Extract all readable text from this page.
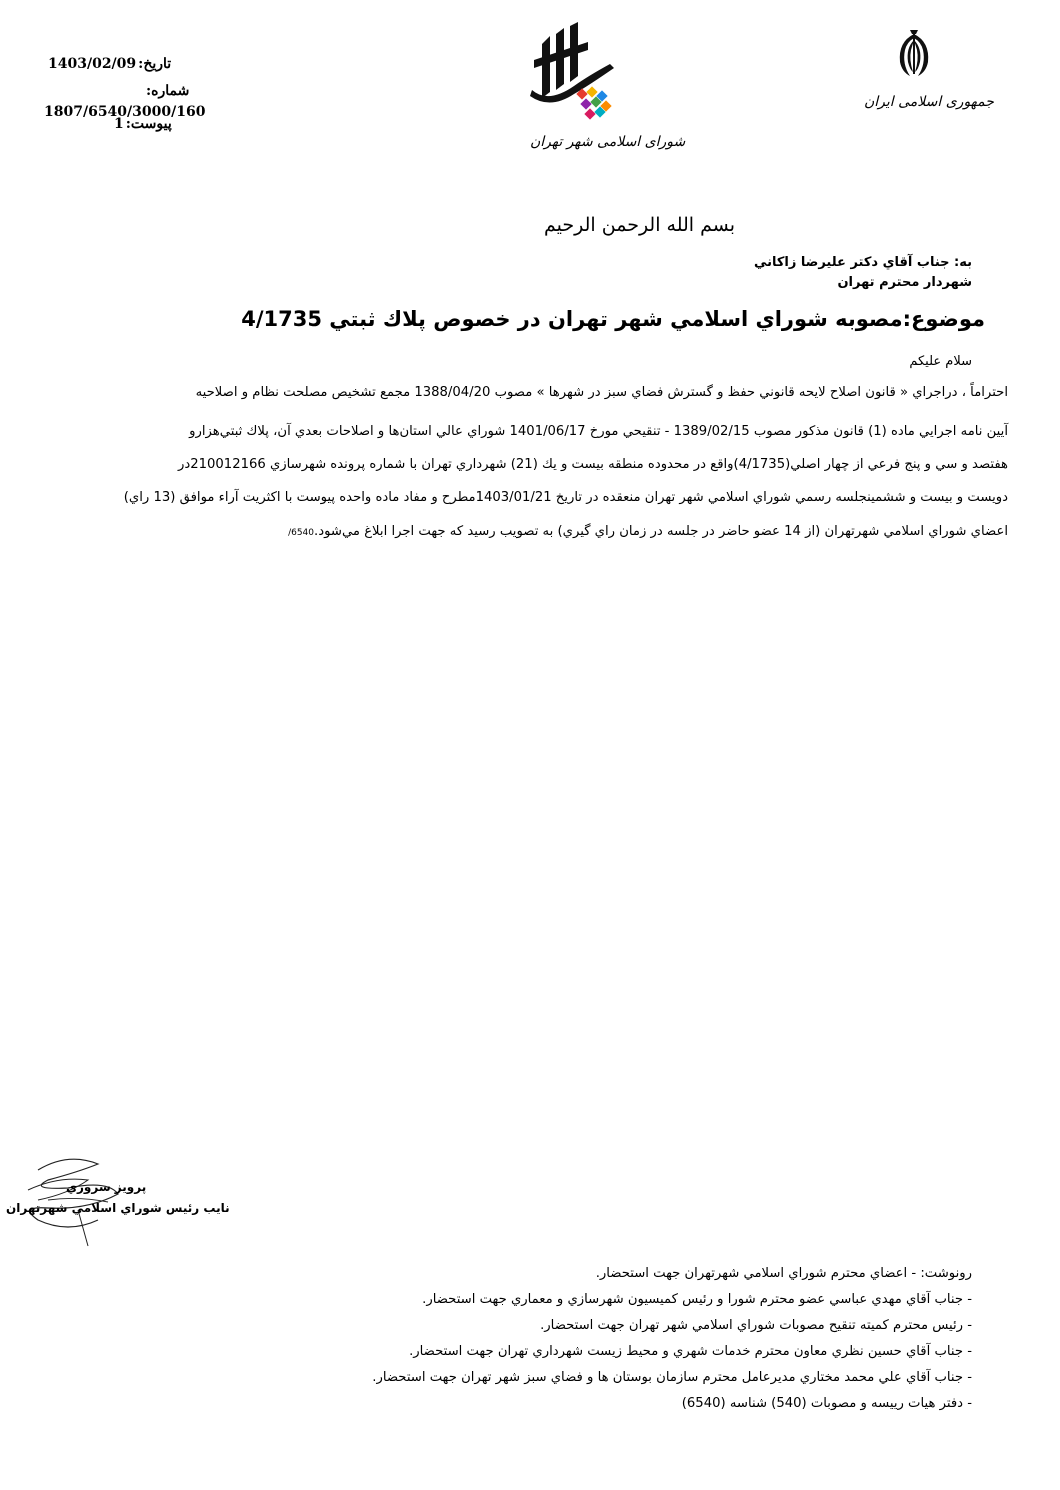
تاریخ:1403/02/09
شماره:
1807/6540/3000/160
پیوست:1
شورای اسلامی شهر تهران
جمهوری اسلامی ایران
بسم الله الرحمن الرحيم
به: جناب آقاي دكتر عليرضا زاكاني
شهردار محترم تهران
موضوع:مصوبه شوراي اسلامي شهر تهران در خصوص پلاك ثبتي 4/1735
سلام عليكم
احتراماً ، دراجراي « قانون اصلاح لايحه قانوني حفظ و گسترش فضاي سبز در شهرها » مصوب 1388/04/20 مجمع تشخيص مصلحت نظام و اصلاحيه
آيين نامه اجرايي ماده (1) قانون مذكور مصوب 1389/02/15 - تنقيحي مورخ 1401/06/17 شوراي عالي استان‌ها و اصلاحات بعدي آن، پلاك ثبتي‌هزارو
هفتصد و سي و پنج فرعي از چهار اصلي(4/1735)واقع در محدوده منطقه بيست و يك (21) شهرداري تهران با شماره پرونده شهرسازي 210012166در
دويست و بيست و ششمينجلسه رسمي شوراي اسلامي شهر تهران منعقده در تاريخ 1403/01/21مطرح و مفاد ماده واحده پيوست با اكثريت آراء موافق (13 راي)
اعضاي شوراي اسلامي شهرتهران (از 14 عضو حاضر در جلسه در زمان راي گيري) به تصويب رسيد كه جهت اجرا ابلاغ مي‌شود.6540/
پرويز سروري
نايب رئيس شوراي اسلامي شهرتهران
رونوشت: - اعضاي محترم شوراي اسلامي شهرتهران جهت استحضار.
- جناب آقاي مهدي عباسي عضو محترم شورا و رئيس كميسيون شهرسازي و معماري جهت استحضار.
- رئيس محترم كميته تنقيح مصوبات شوراي اسلامي شهر تهران جهت استحضار.
- جناب آقاي حسين نظري معاون محترم خدمات شهري و محيط زيست شهرداري تهران جهت استحضار.
- جناب آقاي علي محمد مختاري مديرعامل محترم سازمان بوستان ها و فضاي سبز شهر تهران جهت استحضار.
- دفتر هيات رييسه و مصوبات (540) شناسه (6540)
